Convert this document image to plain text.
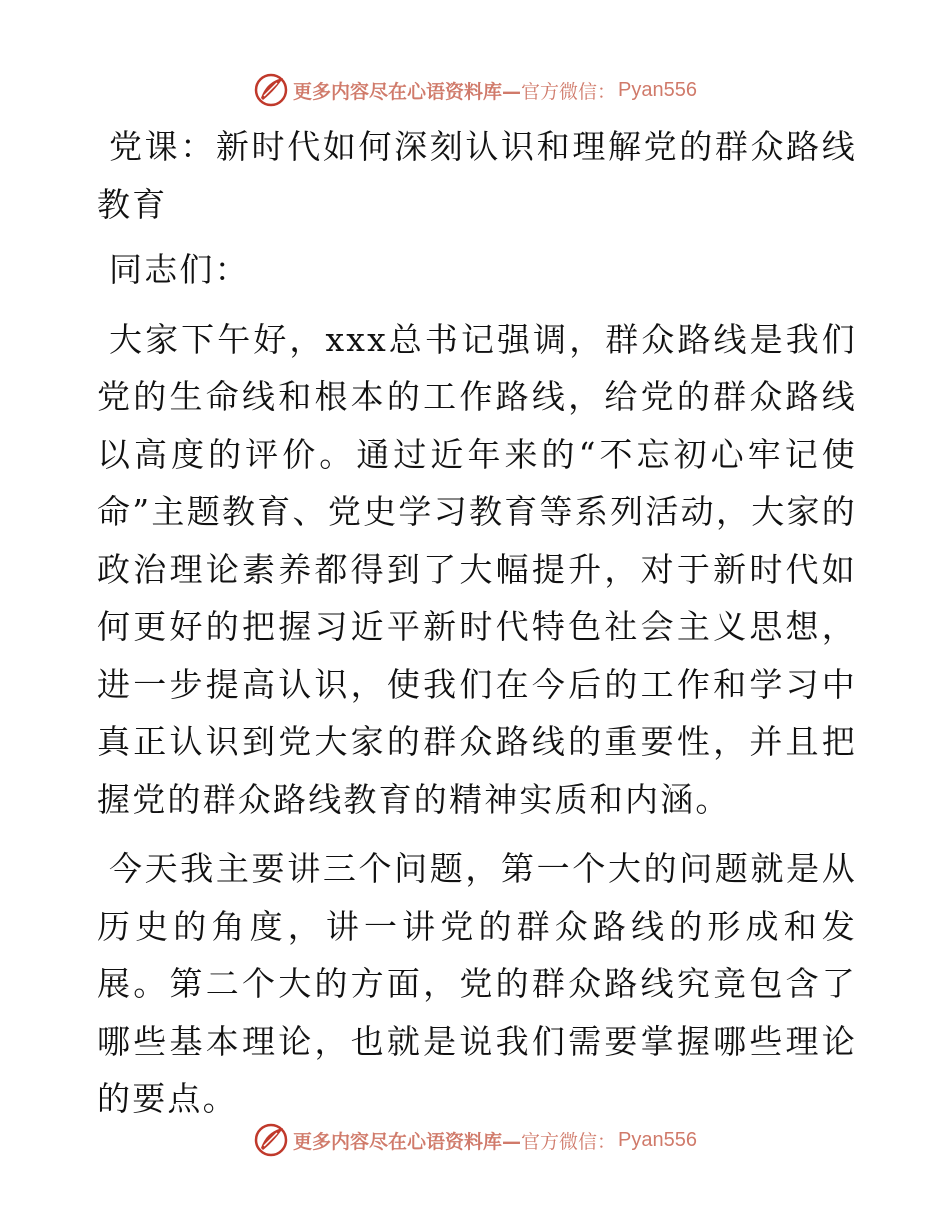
更多内容尽在心语资料库— 官方微信： Pyan556

党课：新时代如何深刻认识和理解党的群众路线教育

同志们：

大家下午好，xxx总书记强调，群众路线是我们党的生命线和根本的工作路线，给党的群众路线以高度的评价。通过近年来的“不忘初心牢记使命”主题教育、党史学习教育等系列活动，大家的政治理论素养都得到了大幅提升，对于新时代如何更好的把握习近平新时代特色社会主义思想，进一步提高认识，使我们在今后的工作和学习中真正认识到党大家的群众路线的重要性，并且把握党的群众路线教育的精神实质和内涵。

今天我主要讲三个问题，第一个大的问题就是从历史的角度，讲一讲党的群众路线的形成和发展。第二个大的方面，党的群众路线究竟包含了哪些基本理论，也就是说我们需要掌握哪些理论的要点。

更多内容尽在心语资料库— 官方微信： Pyan556
